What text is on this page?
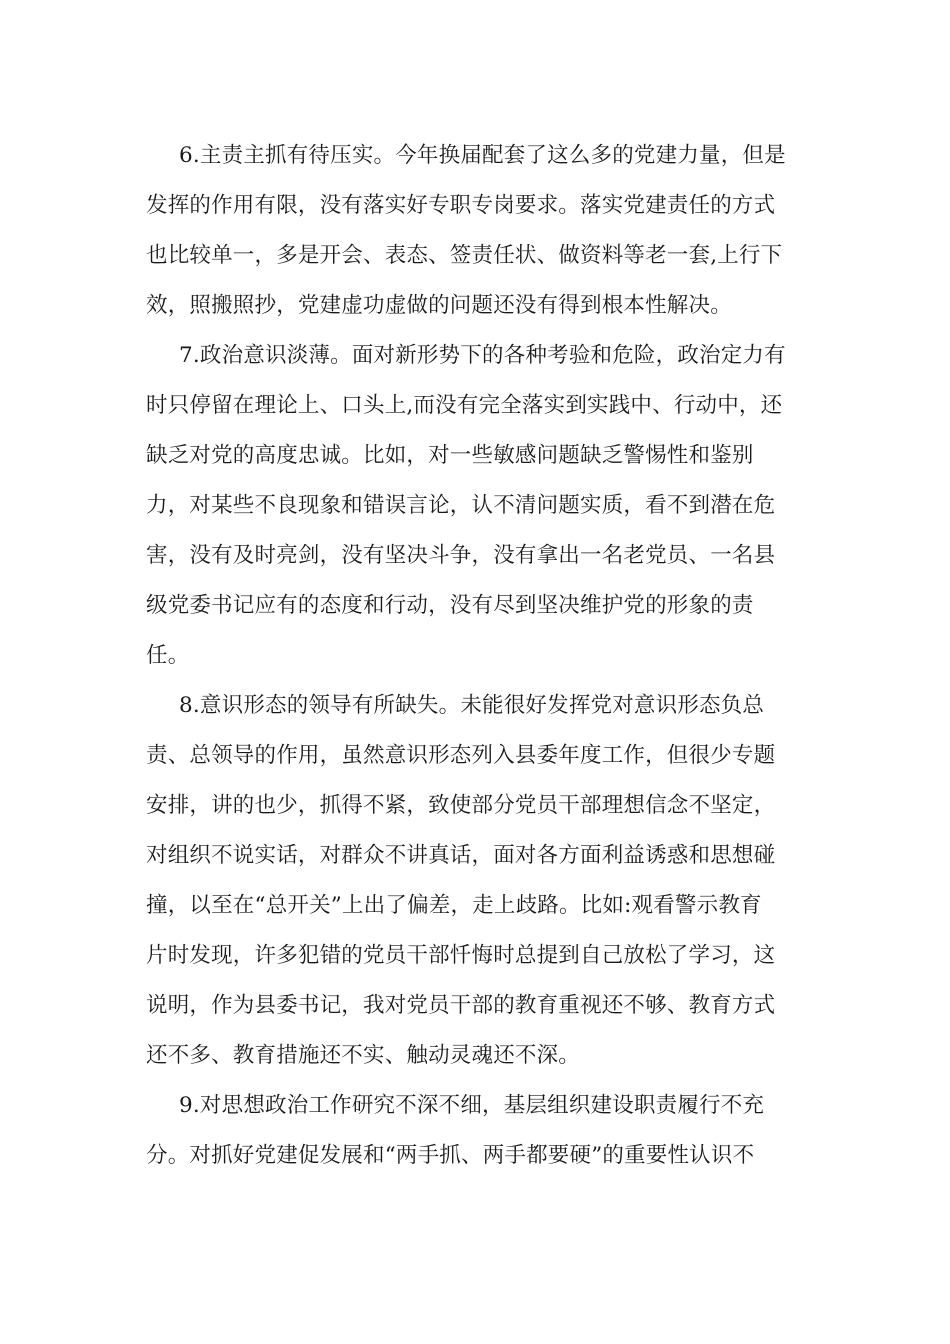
6.主责主抓有待压实。今年换届配套了这么多的党建力量，但是
发挥的作用有限，没有落实好专职专岗要求。落实党建责任的方式
也比较单一，多是开会、表态、签责任状、做资料等老一套,上行下
效，照搬照抄，党建虚功虚做的问题还没有得到根本性解决。
7.政治意识淡薄。面对新形势下的各种考验和危险，政治定力有
时只停留在理论上、口头上,而没有完全落实到实践中、行动中，还
缺乏对党的高度忠诚。比如，对一些敏感问题缺乏警惕性和鉴别
力，对某些不良现象和错误言论，认不清问题实质，看不到潜在危
害，没有及时亮剑，没有坚决斗争，没有拿出一名老党员、一名县
级党委书记应有的态度和行动，没有尽到坚决维护党的形象的责
任。
8.意识形态的领导有所缺失。未能很好发挥党对意识形态负总
责、总领导的作用，虽然意识形态列入县委年度工作，但很少专题
安排，讲的也少，抓得不紧，致使部分党员干部理想信念不坚定，
对组织不说实话，对群众不讲真话，面对各方面利益诱惑和思想碰
撞，以至在“总开关”上出了偏差，走上歧路。比如:观看警示教育
片时发现，许多犯错的党员干部忏悔时总提到自己放松了学习，这
说明，作为县委书记，我对党员干部的教育重视还不够、教育方式
还不多、教育措施还不实、触动灵魂还不深。
9.对思想政治工作研究不深不细，基层组织建设职责履行不充
分。对抓好党建促发展和“两手抓、两手都要硬”的重要性认识不
